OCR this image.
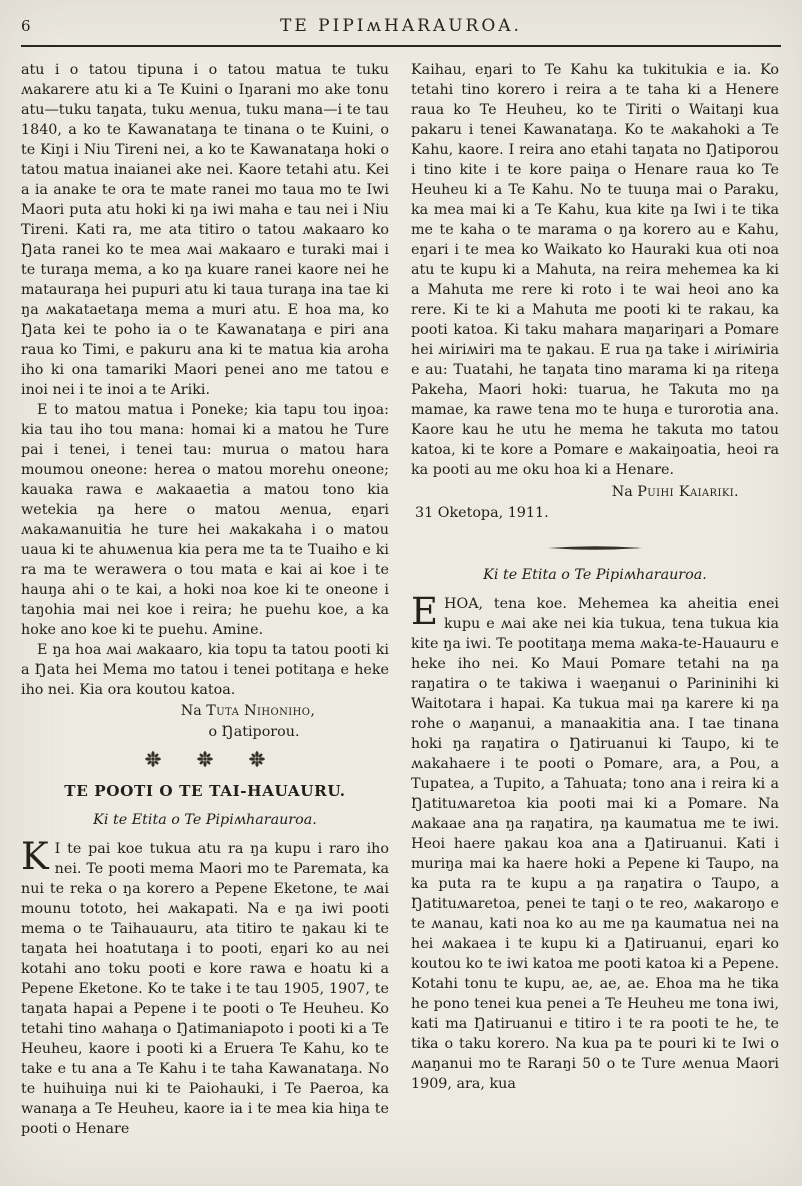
6	TE PIPIʍHARAUROA.

atu i o tatou tipuna i o tatou matua te tuku ʍakarere atu ki a Te Kuini o Iŋarani mo ake tonu atu—tuku taŋata, tuku ʍenua, tuku mana—i te tau 1840, a ko te Kawanataŋa te tinana o te Kuini, o te Kiŋi i Niu Tireni nei, a ko te Kawanataŋa hoki o tatou matua inaianei ake nei. Kaore tetahi atu. Kei a ia anake te ora te mate ranei mo taua mo te Iwi Maori puta atu hoki ki ŋa iwi maha e tau nei i Niu Tireni. Kati ra, me ata titiro o tatou ʍakaaro ko Ŋata ranei ko te mea ʍai ʍakaaro e turaki mai i te turaŋa mema, a ko ŋa kuare ranei kaore nei he matauraŋa hei pupuri atu ki taua turaŋa ina tae ki ŋa ʍakataetaŋa mema a muri atu. E hoa ma, ko Ŋata kei te poho ia o te Kawanataŋa e piri ana raua ko Timi, e pakuru ana ki te matua kia aroha iho ki ona tamariki Maori penei ano me tatou e inoi nei i te inoi a te Ariki.

E to matou matua i Poneke; kia tapu tou iŋoa: kia tau iho tou mana: homai ki a matou he Ture pai i tenei, i tenei tau: murua o matou hara moumou oneone: herea o matou morehu oneone; kauaka rawa e ʍakaaetia a matou tono kia wetekia ŋa here o matou ʍenua, eŋari ʍakaʍanuitia he ture hei ʍakakaha i o matou uaua ki te ahuʍenua kia pera me ta te Tuaiho e ki ra ma te werawera o tou mata e kai ai koe i te hauŋa ahi o te kai, a hoki noa koe ki te oneone i taŋohia mai nei koe i reira; he puehu koe, a ka hoke ano koe ki te puehu. Amine.

E ŋa hoa ʍai ʍakaaro, kia topu ta tatou pooti ki a Ŋata hei Mema mo tatou i tenei potitaŋa e heke iho nei. Kia ora koutou katoa.

Na Tuta Nihoniho,
o Ŋatiporou.
TE POOTI O TE TAI-HAUAURU.
Ki te Etita o Te Pipiʍharauroa.

K I te pai koe tukua atu ra ŋa kupu i raro iho nei. Te pooti mema Maori mo te Paremata, ka nui te reka o ŋa korero a Pepene Eketone, te ʍai mounu tototo, hei ʍakapati. Na e ŋa iwi pooti mema o te Taihauauru, ata titiro te ŋakau ki te taŋata hei hoatutaŋa i to pooti, eŋari ko au nei kotahi ano toku pooti e kore rawa e hoatu ki a Pepene Eketone. Ko te take i te tau 1905, 1907, te taŋata hapai a Pepene i te pooti o Te Heuheu. Ko tetahi tino ʍahaŋa o Ŋatimaniapoto i pooti ki a Te Heuheu, kaore i pooti ki a Eruera Te Kahu, ko te take e tu ana a Te Kahu i te taha Kawanataŋa. No te huihuiŋa nui ki te Paiohauki, i Te Paeroa, ka wanaŋa a Te Heuheu, kaore ia i te mea kia hiŋa te pooti o Henare

Kaihau, eŋari to Te Kahu ka tukitukia e ia. Ko tetahi tino korero i reira a te taha ki a Henere raua ko Te Heuheu, ko te Tiriti o Waitaŋi kua pakaru i tenei Kawanataŋa. Ko te ʍakahoki a Te Kahu, kaore. I reira ano etahi taŋata no Ŋatiporou i tino kite i te kore paiŋa o Henare raua ko Te Heuheu ki a Te Kahu. No te tuuŋa mai o Paraku, ka mea mai ki a Te Kahu, kua kite ŋa Iwi i te tika me te kaha o te marama o ŋa korero au e Kahu, eŋari i te mea ko Waikato ko Hauraki kua oti noa atu te kupu ki a Mahuta, na reira mehemea ka ki a Mahuta me rere ki roto i te wai heoi ano ka rere. Ki te ki a Mahuta me pooti ki te rakau, ka pooti katoa. Ki taku mahara maŋariŋari a Pomare hei ʍiriʍiri ma te ŋakau. E rua ŋa take i ʍiriʍiria e au: Tuatahi, he taŋata tino marama ki ŋa riteŋa Pakeha, Maori hoki: tuarua, he Takuta mo ŋa mamae, ka rawe tena mo te huŋa e turorotia ana. Kaore kau he utu he mema he takuta mo tatou katoa, ki te kore a Pomare e ʍakaiŋoatia, heoi ra ka pooti au me oku hoa ki a Henare.

Na Puihi Kaiariki.
31 Oketopa, 1911.
Ki te Etita o Te Pipiʍharauroa.

EHOA, tena koe. Mehemea ka aheitia enei kupu e ʍai ake nei kia tukua, tena tukua kia kite ŋa iwi. Te pootitaŋa mema ʍaka-te-Hauauru e heke iho nei. Ko Maui Pomare tetahi na ŋa raŋatira o te takiwa i waeŋanui o Parininihi ki Waitotara i hapai. Ka tukua mai ŋa karere ki ŋa rohe o ʍaŋanui, a manaakitia ana. I tae tinana hoki ŋa raŋatira o Ŋatiruanui ki Taupo, ki te ʍakahaere i te pooti o Pomare, ara, a Pou, a Tupatea, a Tupito, a Tahuata; tono ana i reira ki a Ŋatituʍaretoa kia pooti mai ki a Pomare. Na ʍakaae ana ŋa raŋatira, ŋa kaumatua me te iwi. Heoi haere ŋakau koa ana a Ŋatiruanui. Kati i muriŋa mai ka haere hoki a Pepene ki Taupo, na ka puta ra te kupu a ŋa raŋatira o Taupo, a Ŋatituʍaretoa, penei te taŋi o te reo, ʍakaroŋo e te ʍanau, kati noa ko au me ŋa kaumatua nei na hei ʍakaea i te kupu ki a Ŋatiruanui, eŋari ko koutou ko te iwi katoa me pooti katoa ki a Pepene. Kotahi tonu te kupu, ae, ae, ae. Ehoa ma he tika he pono tenei kua penei a Te Heuheu me tona iwi, kati ma Ŋatiruanui e titiro i te ra pooti te he, te tika o taku korero. Na kua pa te pouri ki te Iwi o ʍaŋanui mo te Raraŋi 50 o te Ture ʍenua Maori 1909, ara, kua
